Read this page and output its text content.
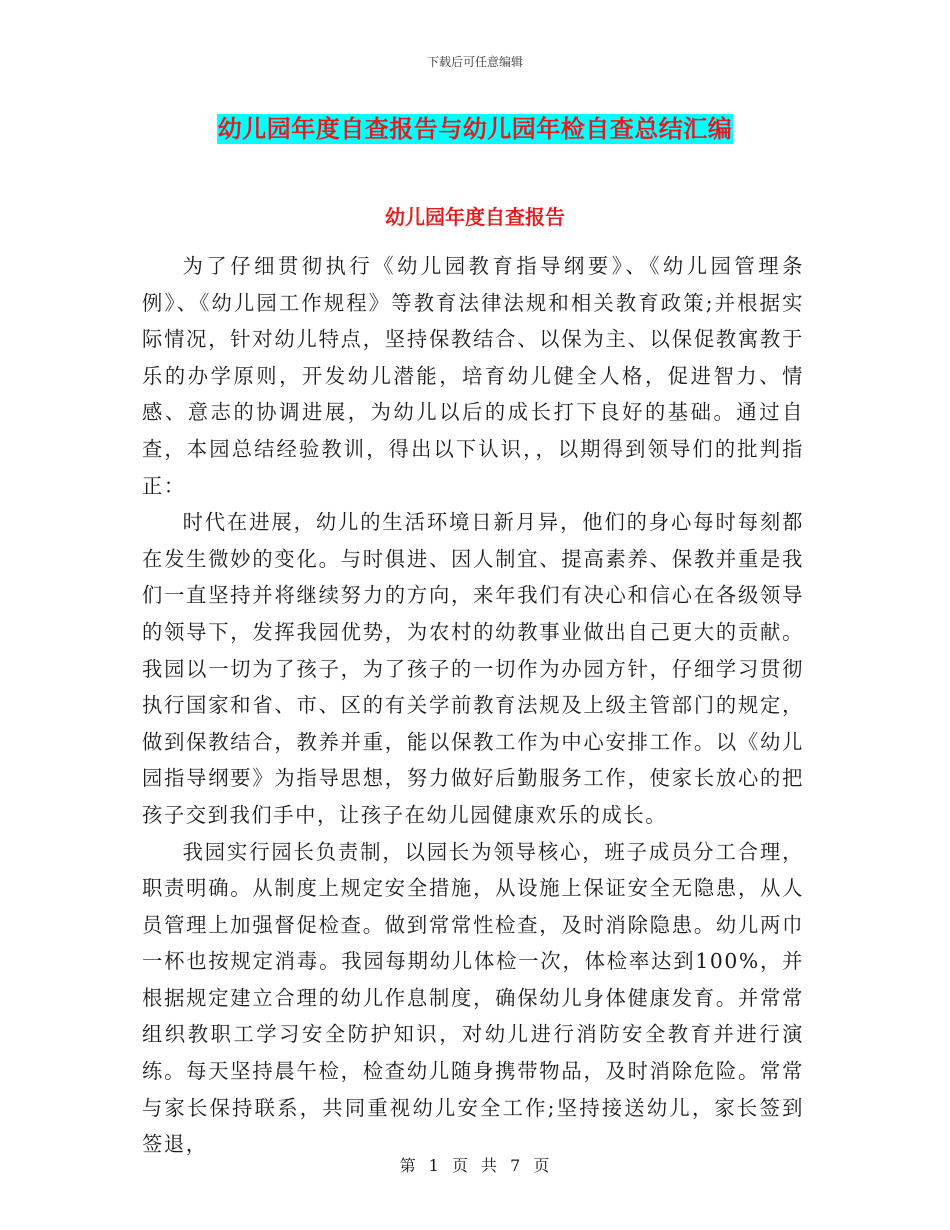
下载后可任意编辑
幼儿园年度自查报告与幼儿园年检自查总结汇编
幼儿园年度自查报告

为了仔细贯彻执行《幼儿园教育指导纲要》、《幼儿园管理条例》、《幼儿园工作规程》等教育法律法规和相关教育政策;并根据实际情况，针对幼儿特点，坚持保教结合、以保为主、以保促教寓教于乐的办学原则，开发幼儿潜能，培育幼儿健全人格，促进智力、情感、意志的协调进展，为幼儿以后的成长打下良好的基础。通过自查，本园总结经验教训，得出以下认识，，以期得到领导们的批判指正：

时代在进展，幼儿的生活环境日新月异，他们的身心每时每刻都在发生微妙的变化。与时俱进、因人制宜、提高素养、保教并重是我们一直坚持并将继续努力的方向，来年我们有决心和信心在各级领导的领导下，发挥我园优势，为农村的幼教事业做出自己更大的贡献。我园以一切为了孩子，为了孩子的一切作为办园方针，仔细学习贯彻执行国家和省、市、区的有关学前教育法规及上级主管部门的规定，做到保教结合，教养并重，能以保教工作为中心安排工作。以《幼儿园指导纲要》为指导思想，努力做好后勤服务工作，使家长放心的把孩子交到我们手中，让孩子在幼儿园健康欢乐的成长。

我园实行园长负责制，以园长为领导核心，班子成员分工合理，职责明确。从制度上规定安全措施，从设施上保证安全无隐患，从人员管理上加强督促检查。做到常常性检查，及时消除隐患。幼儿两巾一杯也按规定消毒。我园每期幼儿体检一次，体检率达到100%，并根据规定建立合理的幼儿作息制度，确保幼儿身体健康发育。并常常组织教职工学习安全防护知识，对幼儿进行消防安全教育并进行演练。每天坚持晨午检，检查幼儿随身携带物品，及时消除危险。常常与家长保持联系，共同重视幼儿安全工作;坚持接送幼儿，家长签到签退，

第 1 页 共 7 页
